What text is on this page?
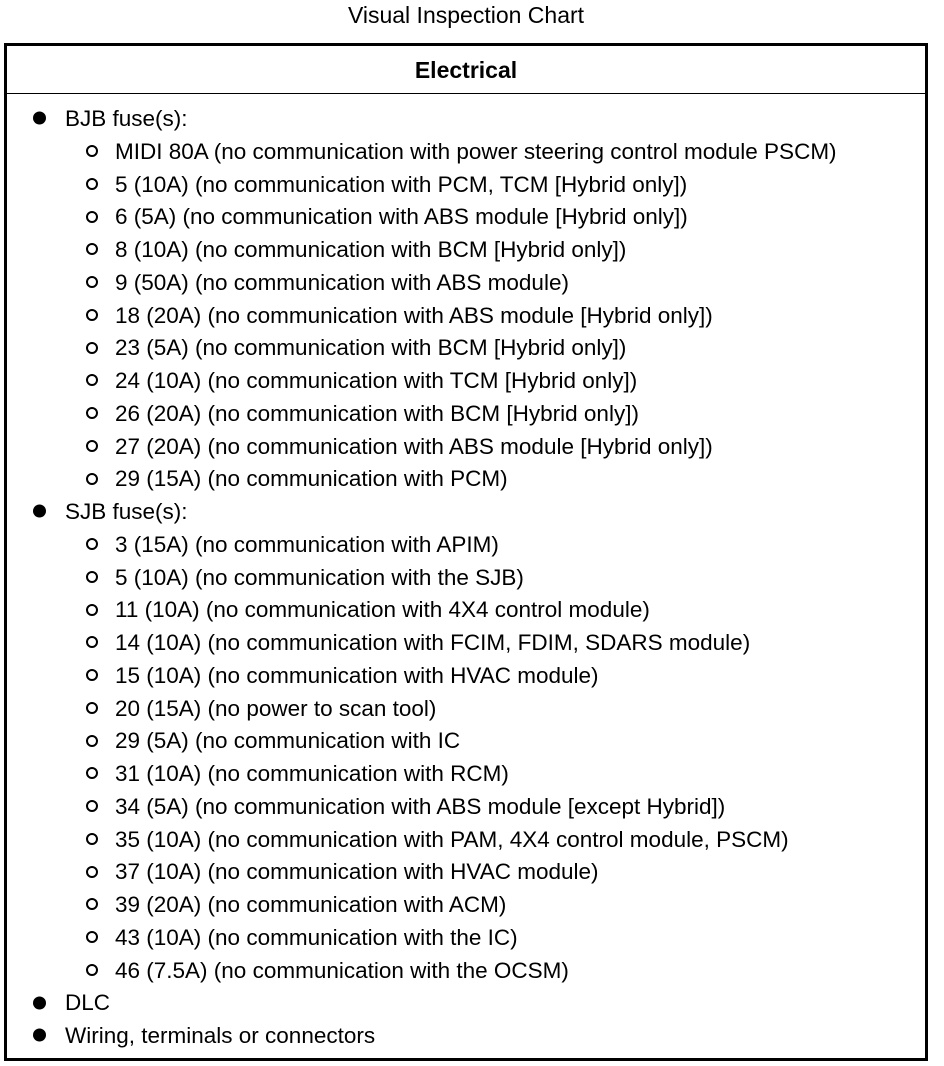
Visual Inspection Chart
Electrical
BJB fuse(s):
MIDI 80A (no communication with power steering control module PSCM)
5 (10A) (no communication with PCM, TCM [Hybrid only])
6 (5A) (no communication with ABS module [Hybrid only])
8 (10A) (no communication with BCM [Hybrid only])
9 (50A) (no communication with ABS module)
18 (20A) (no communication with ABS module [Hybrid only])
23 (5A) (no communication with BCM [Hybrid only])
24 (10A) (no communication with TCM [Hybrid only])
26 (20A) (no communication with BCM [Hybrid only])
27 (20A) (no communication with ABS module [Hybrid only])
29 (15A) (no communication with PCM)
SJB fuse(s):
3 (15A) (no communication with APIM)
5 (10A) (no communication with the SJB)
11 (10A) (no communication with 4X4 control module)
14 (10A) (no communication with FCIM, FDIM, SDARS module)
15 (10A) (no communication with HVAC module)
20 (15A) (no power to scan tool)
29 (5A) (no communication with IC
31 (10A) (no communication with RCM)
34 (5A) (no communication with ABS module [except Hybrid])
35 (10A) (no communication with PAM, 4X4 control module, PSCM)
37 (10A) (no communication with HVAC module)
39 (20A) (no communication with ACM)
43 (10A) (no communication with the IC)
46 (7.5A) (no communication with the OCSM)
DLC
Wiring, terminals or connectors
